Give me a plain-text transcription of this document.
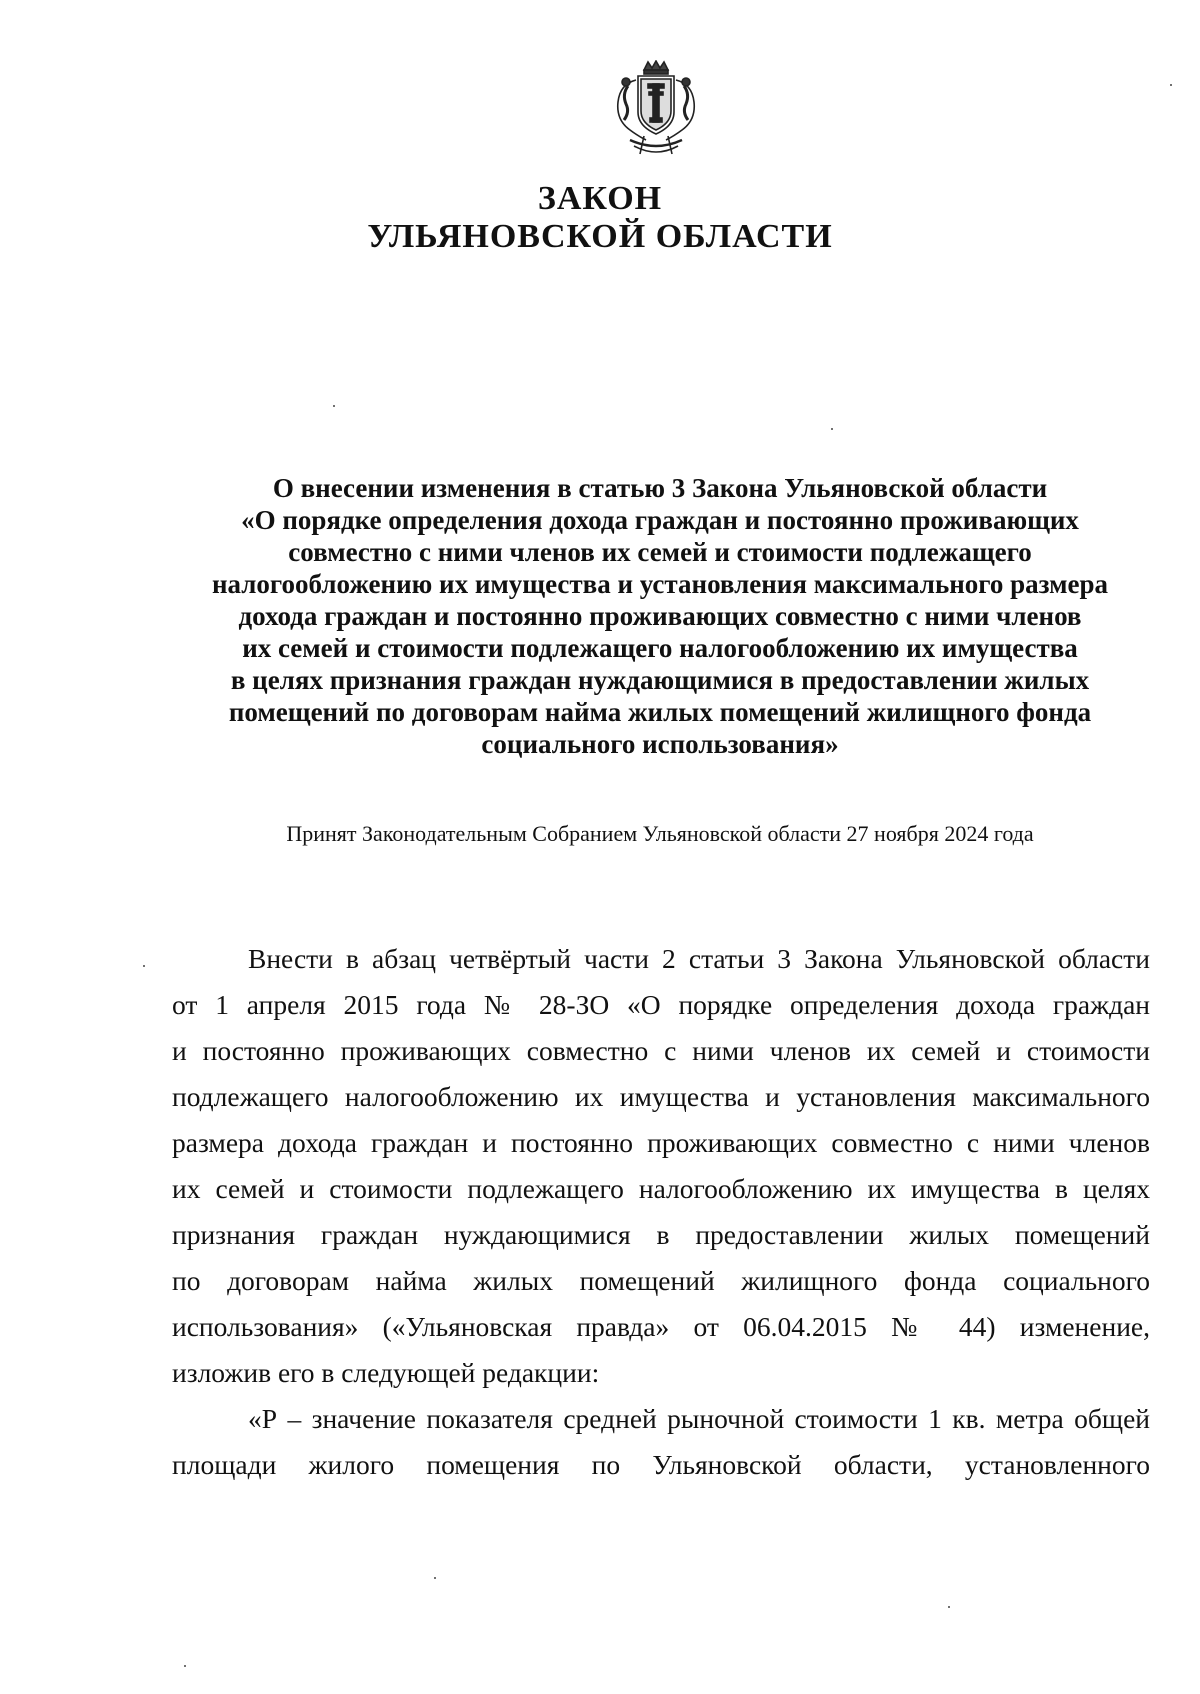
ЗАКОН
УЛЬЯНОВСКОЙ ОБЛАСТИ
О внесении изменения в статью 3 Закона Ульяновской области
«О порядке определения дохода граждан и постоянно проживающих
совместно с ними членов их семей и стоимости подлежащего
налогообложению их имущества и установления максимального размера
дохода граждан и постоянно проживающих совместно с ними членов
их семей и стоимости подлежащего налогообложению их имущества
в целях признания граждан нуждающимися в предоставлении жилых
помещений по договорам найма жилых помещений жилищного фонда
социального использования»
Принят Законодательным Собранием Ульяновской области 27 ноября 2024 года
Внести в абзац четвёртый части 2 статьи 3 Закона Ульяновской области
от 1 апреля 2015 года № 28-ЗО «О порядке определения дохода граждан
и постоянно проживающих совместно с ними членов их семей и стоимости
подлежащего налогообложению их имущества и установления максимального
размера дохода граждан и постоянно проживающих совместно с ними членов
их семей и стоимости подлежащего налогообложению их имущества в целях
признания граждан нуждающимися в предоставлении жилых помещений
по договорам найма жилых помещений жилищного фонда социального
использования» («Ульяновская правда» от 06.04.2015 № 44) изменение,
изложив его в следующей редакции:
«Р – значение показателя средней рыночной стоимости 1 кв. метра общей
площади жилого помещения по Ульяновской области, установленного
